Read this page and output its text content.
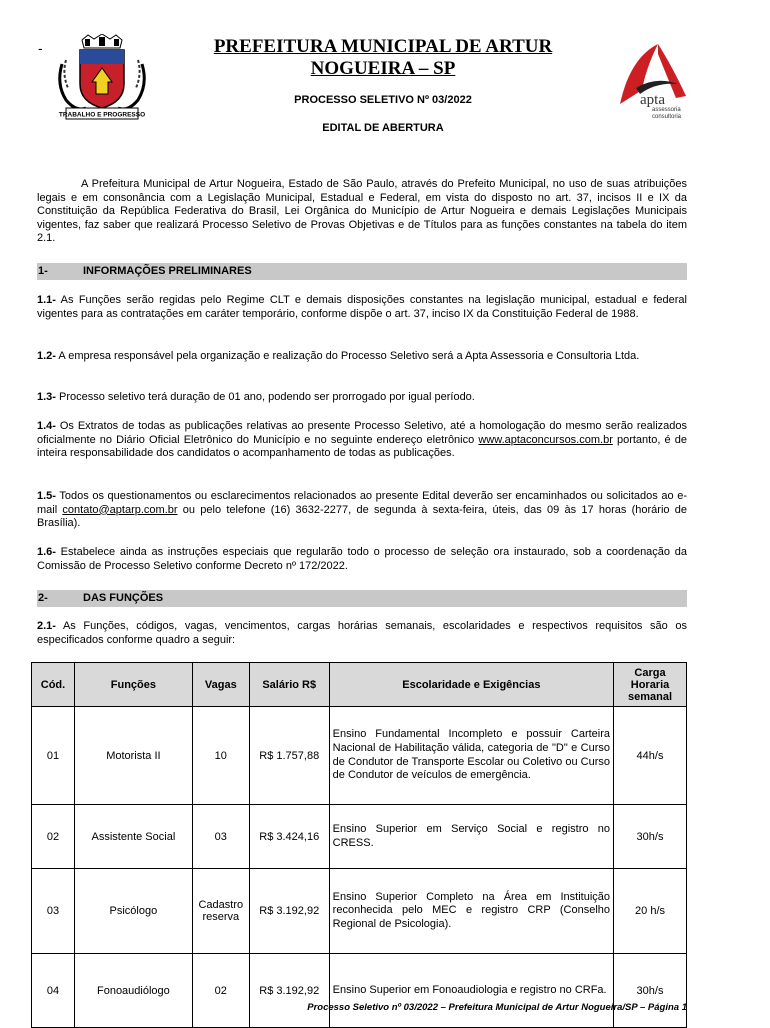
-
TRABALHO E PROGRESSO
PREFEITURA MUNICIPAL DE ARTUR
NOGUEIRA – SP
PROCESSO SELETIVO Nº 03/2022
EDITAL DE ABERTURA
apta
assessoria
consultoria

A Prefeitura Municipal de Artur Nogueira, Estado de São Paulo, através do Prefeito Municipal, no uso de suas atribuições legais e em consonância com a Legislação Municipal, Estadual e Federal, em vista do disposto no art. 37, incisos II e IX da Constituição da República Federativa do Brasil, Lei Orgânica do Município de Artur Nogueira e demais Legislações Municipais vigentes, faz saber que realizará Processo Seletivo de Provas Objetivas e de Títulos para as funções constantes na tabela do item 2.1.

1-	INFORMAÇÕES PRELIMINARES

1.1- As Funções serão regidas pelo Regime CLT e demais disposições constantes na legislação municipal, estadual e federal vigentes para as contratações em caráter temporário, conforme dispõe o art. 37, inciso IX da Constituição Federal de 1988.

1.2- A empresa responsável pela organização e realização do Processo Seletivo será a Apta Assessoria e Consultoria Ltda.

1.3- Processo seletivo terá duração de 01 ano, podendo ser prorrogado por igual período.

1.4- Os Extratos de todas as publicações relativas ao presente Processo Seletivo, até a homologação do mesmo serão realizados oficialmente no Diário Oficial Eletrônico do Município e no seguinte endereço eletrônico www.aptaconcursos.com.br portanto, é de inteira responsabilidade dos candidatos o acompanhamento de todas as publicações.

1.5- Todos os questionamentos ou esclarecimentos relacionados ao presente Edital deverão ser encaminhados ou solicitados ao e-mail contato@aptarp.com.br ou pelo telefone (16) 3632-2277, de segunda à sexta-feira, úteis, das 09 às 17 horas (horário de Brasília).

1.6- Estabelece ainda as instruções especiais que regularão todo o processo de seleção ora instaurado, sob a coordenação da Comissão de Processo Seletivo conforme Decreto nº 172/2022.

2-	DAS FUNÇÕES

2.1- As Funções, códigos, vagas, vencimentos, cargas horárias semanais, escolaridades e respectivos requisitos são os especificados conforme quadro a seguir:

Cód.	Funções	Vagas	Salário R$	Escolaridade e Exigências	Carga Horaria semanal
01	Motorista II	10	R$ 1.757,88	Ensino Fundamental Incompleto e possuir Carteira Nacional de Habilitação válida, categoria de "D" e Curso de Condutor de Transporte Escolar ou Coletivo ou Curso de Condutor de veículos de emergência.	44h/s
02	Assistente Social	03	R$ 3.424,16	Ensino Superior em Serviço Social e registro no CRESS.	30h/s
03	Psicólogo	Cadastro reserva	R$ 3.192,92	Ensino Superior Completo na Área em Instituição reconhecida pelo MEC e registro CRP (Conselho Regional de Psicologia).	20 h/s
04	Fonoaudiólogo	02	R$ 3.192,92	Ensino Superior em Fonoaudiologia e registro no CRFa.	30h/s
Processo Seletivo nº 03/2022 – Prefeitura Municipal de Artur Nogueira/SP – Página 1
